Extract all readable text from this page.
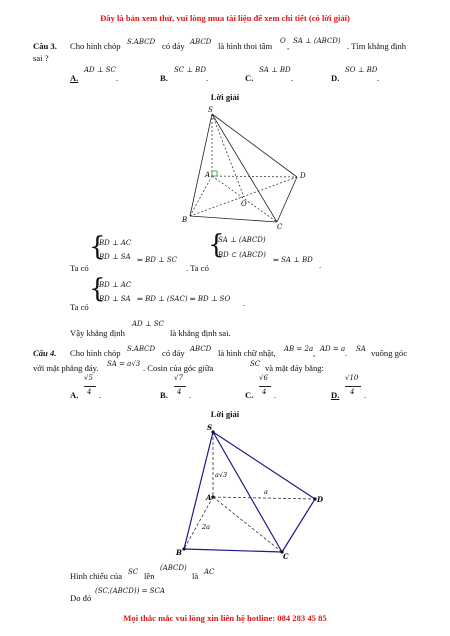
Đây là bản xem thử, vui lòng mua tài liệu để xem chi tiết (có lời giải)
Câu 3. Cho hình chóp S.ABCD có đáy ABCD là hình thoi tâm O , SA ⊥ (ABCD) . Tìm khẳng định
sai ?
A.
AD ⊥ SC
.	B.
SC ⊥ BD
.	C.
SA ⊥ BD
.	D.
SO ⊥ BD
.
Lời giải
S
A
B
C
D
O
Ta có
{
BD ⊥ AC
BD ⊥ SA ⇒ BD ⊥ SC
. Ta có
{
SA ⊥ (ABCD)
BD ⊂ (ABCD)
⇒ SA ⊥ BD .
Ta có
{
BD ⊥ AC
BD ⊥ SA ⇒ BD ⊥ (SAC) ⇒ BD ⊥ SO .
Vậy khẳng định
AD ⊥ SC
là khẳng định sai.
Câu 4. Cho hình chóp S.ABCD có đáy ABCD là hình chữ nhật, AB = 2a , AD = a . SA vuông góc
với mặt phẳng đáy. SA = a√3 . Cosin của góc giữa	SC và mặt đáy bằng:
A.
√5
4 .	B.
√7
4 .	C.
√6
4 .	D.
√10
4 .
Lời giải
S
A
B	C
D
a√3
a
2a
Hình chiếu của SC lên
(ABCD)
là AC
Do đó
(SC,(ABCD)) = SCA
Mọi thắc mắc vui lòng xin liên hệ hotline: 084 283 45 85
